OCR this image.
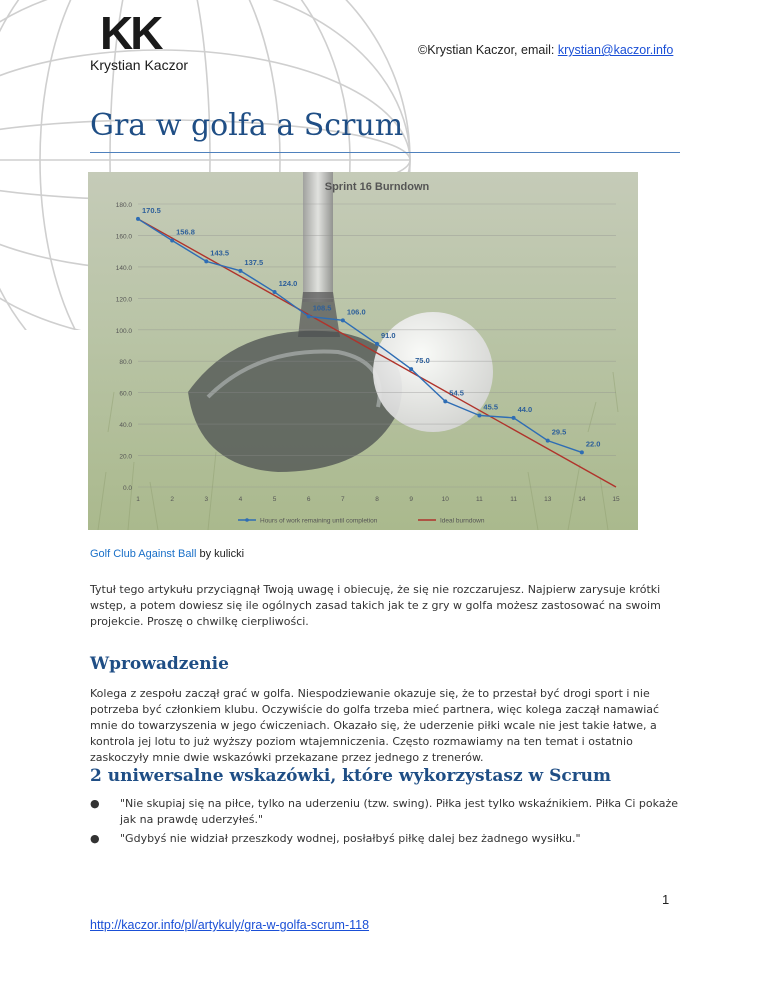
KK
Krystian Kaczor
©Krystian Kaczor, email: krystian@kaczor.info
Gra w golfa a Scrum
Sprint 16 Burndown
0.0
20.0
40.0
60.0
80.0
100.0
120.0
140.0
160.0
180.0
1	2	3	4	5	6	7	8	9	10	11	11	13	14	15
170.5
156.8
143.5
137.5
124.0
108.5 106.0
91.0
75.0
54.5
45.5	44.0
29.5
22.0
Hours of work remaining until completion	Ideal burndown
Golf Club Against Ball by kulicki

Tytuł tego artykułu przyciągnął Twoją uwagę i obiecuję, że się nie rozczarujesz. Najpierw zarysuje krótki wstęp, a potem dowiesz się ile ogólnych zasad takich jak te z gry w golfa możesz zastosować na swoim projekcie. Proszę o chwilkę cierpliwości.

Wprowadzenie

Kolega z zespołu zaczął grać w golfa. Niespodziewanie okazuje się, że to przestał być drogi sport i nie potrzeba być członkiem klubu. Oczywiście do golfa trzeba mieć partnera, więc kolega zaczął namawiać mnie do towarzyszenia w jego ćwiczeniach. Okazało się, że uderzenie piłki wcale nie jest takie łatwe, a kontrola jej lotu to już wyższy poziom wtajemniczenia. Często rozmawiamy na ten temat i ostatnio zaskoczyły mnie dwie wskazówki przekazane przez jednego z trenerów.

2 uniwersalne wskazówki, które wykorzystasz w Scrum
●	"Nie skupiaj się na piłce, tylko na uderzeniu (tzw. swing). Piłka jest tylko wskaźnikiem. Piłka Ci pokaże jak na prawdę uderzyłeś."
●	"Gdybyś nie widział przeszkody wodnej, posłałbyś piłkę dalej bez żadnego wysiłku."
1
http://kaczor.info/pl/artykuly/gra-w-golfa-scrum-118
